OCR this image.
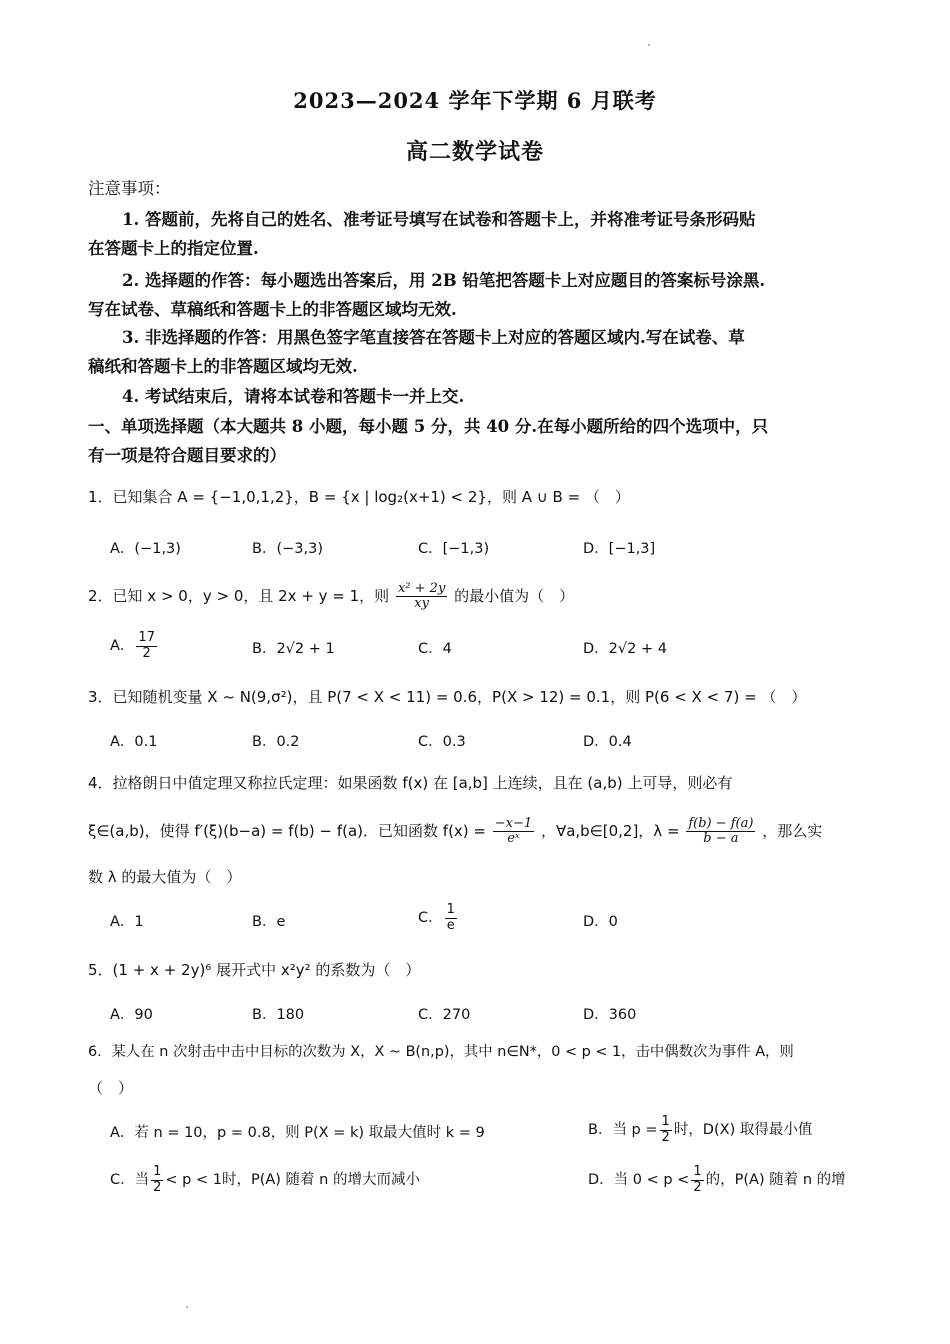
2023—2024 学年下学期 6 月联考
高二数学试卷
注意事项：
1. 答题前，先将自己的姓名、准考证号填写在试卷和答题卡上，并将准考证号条形码贴
在答题卡上的指定位置.
2. 选择题的作答：每小题选出答案后，用 2B 铅笔把答题卡上对应题目的答案标号涂黑.
写在试卷、草稿纸和答题卡上的非答题区域均无效.
3. 非选择题的作答：用黑色签字笔直接答在答题卡上对应的答题区域内.写在试卷、草
稿纸和答题卡上的非答题区域均无效.
4. 考试结束后，请将本试卷和答题卡一并上交.
一、单项选择题（本大题共 8 小题，每小题 5 分，共 40 分.在每小题所给的四个选项中，只
有一项是符合题目要求的）
1．已知集合 A = {−1,0,1,2}，B = {x | log₂(x+1) < 2}，则 A ∪ B = （　）
A．(−1,3)	B．(−3,3)	C．[−1,3)	D．[−1,3]
2．已知 x > 0，y > 0，且 2x + y = 1，则 $\frac{\text{x² + 2y}}{xy}$ 的最小值为（　）
A． $\frac{17}{2}$	B．2√2 + 1	C．4	D．2√2 + 4
3．已知随机变量 X ~ N(9,σ²)，且 P(7 < X < 11) = 0.6，P(X > 12) = 0.1，则 P(6 < X < 7) = （　）
A．0.1	B．0.2	C．0.3	D．0.4
4．拉格朗日中值定理又称拉氏定理：如果函数 f(x) 在 [a,b] 上连续，且在 (a,b) 上可导，则必有
ξ∈(a,b)，使得 f′(ξ)(b−a) = f(b) − f(a)．已知函数 $f(x) = \frac{-x-1}{\text{eˣ}}$ ，∀a,b∈[0,2]，$\lambda = \frac{f(b) - f(a)}{b - a}$ ，那么实
数 λ 的最大值为（　）
A．1	B．e	C． $\frac{1}{e}$	D．0
5．(1 + x + 2y)⁶ 展开式中 x²y² 的系数为（　）
A．90	B．180	C．270	D．360
6．某人在 n 次射击中击中目标的次数为 X，X ~ B(n,p)，其中 n∈N*，0 < p < 1，击中偶数次为事件 A，则
（　）
A．若 n = 10，p = 0.8，则 P(X = k) 取最大值时 k = 9	B．当 $p = \frac{1}{2}$ 时，D(X) 取得最小值
C．当 $\frac{1}{2} < p < 1$时，P(A) 随着 n 的增大而减小	D．当 $0 < p < \frac{1}{2}$ 的，P(A) 随着 n 的增
